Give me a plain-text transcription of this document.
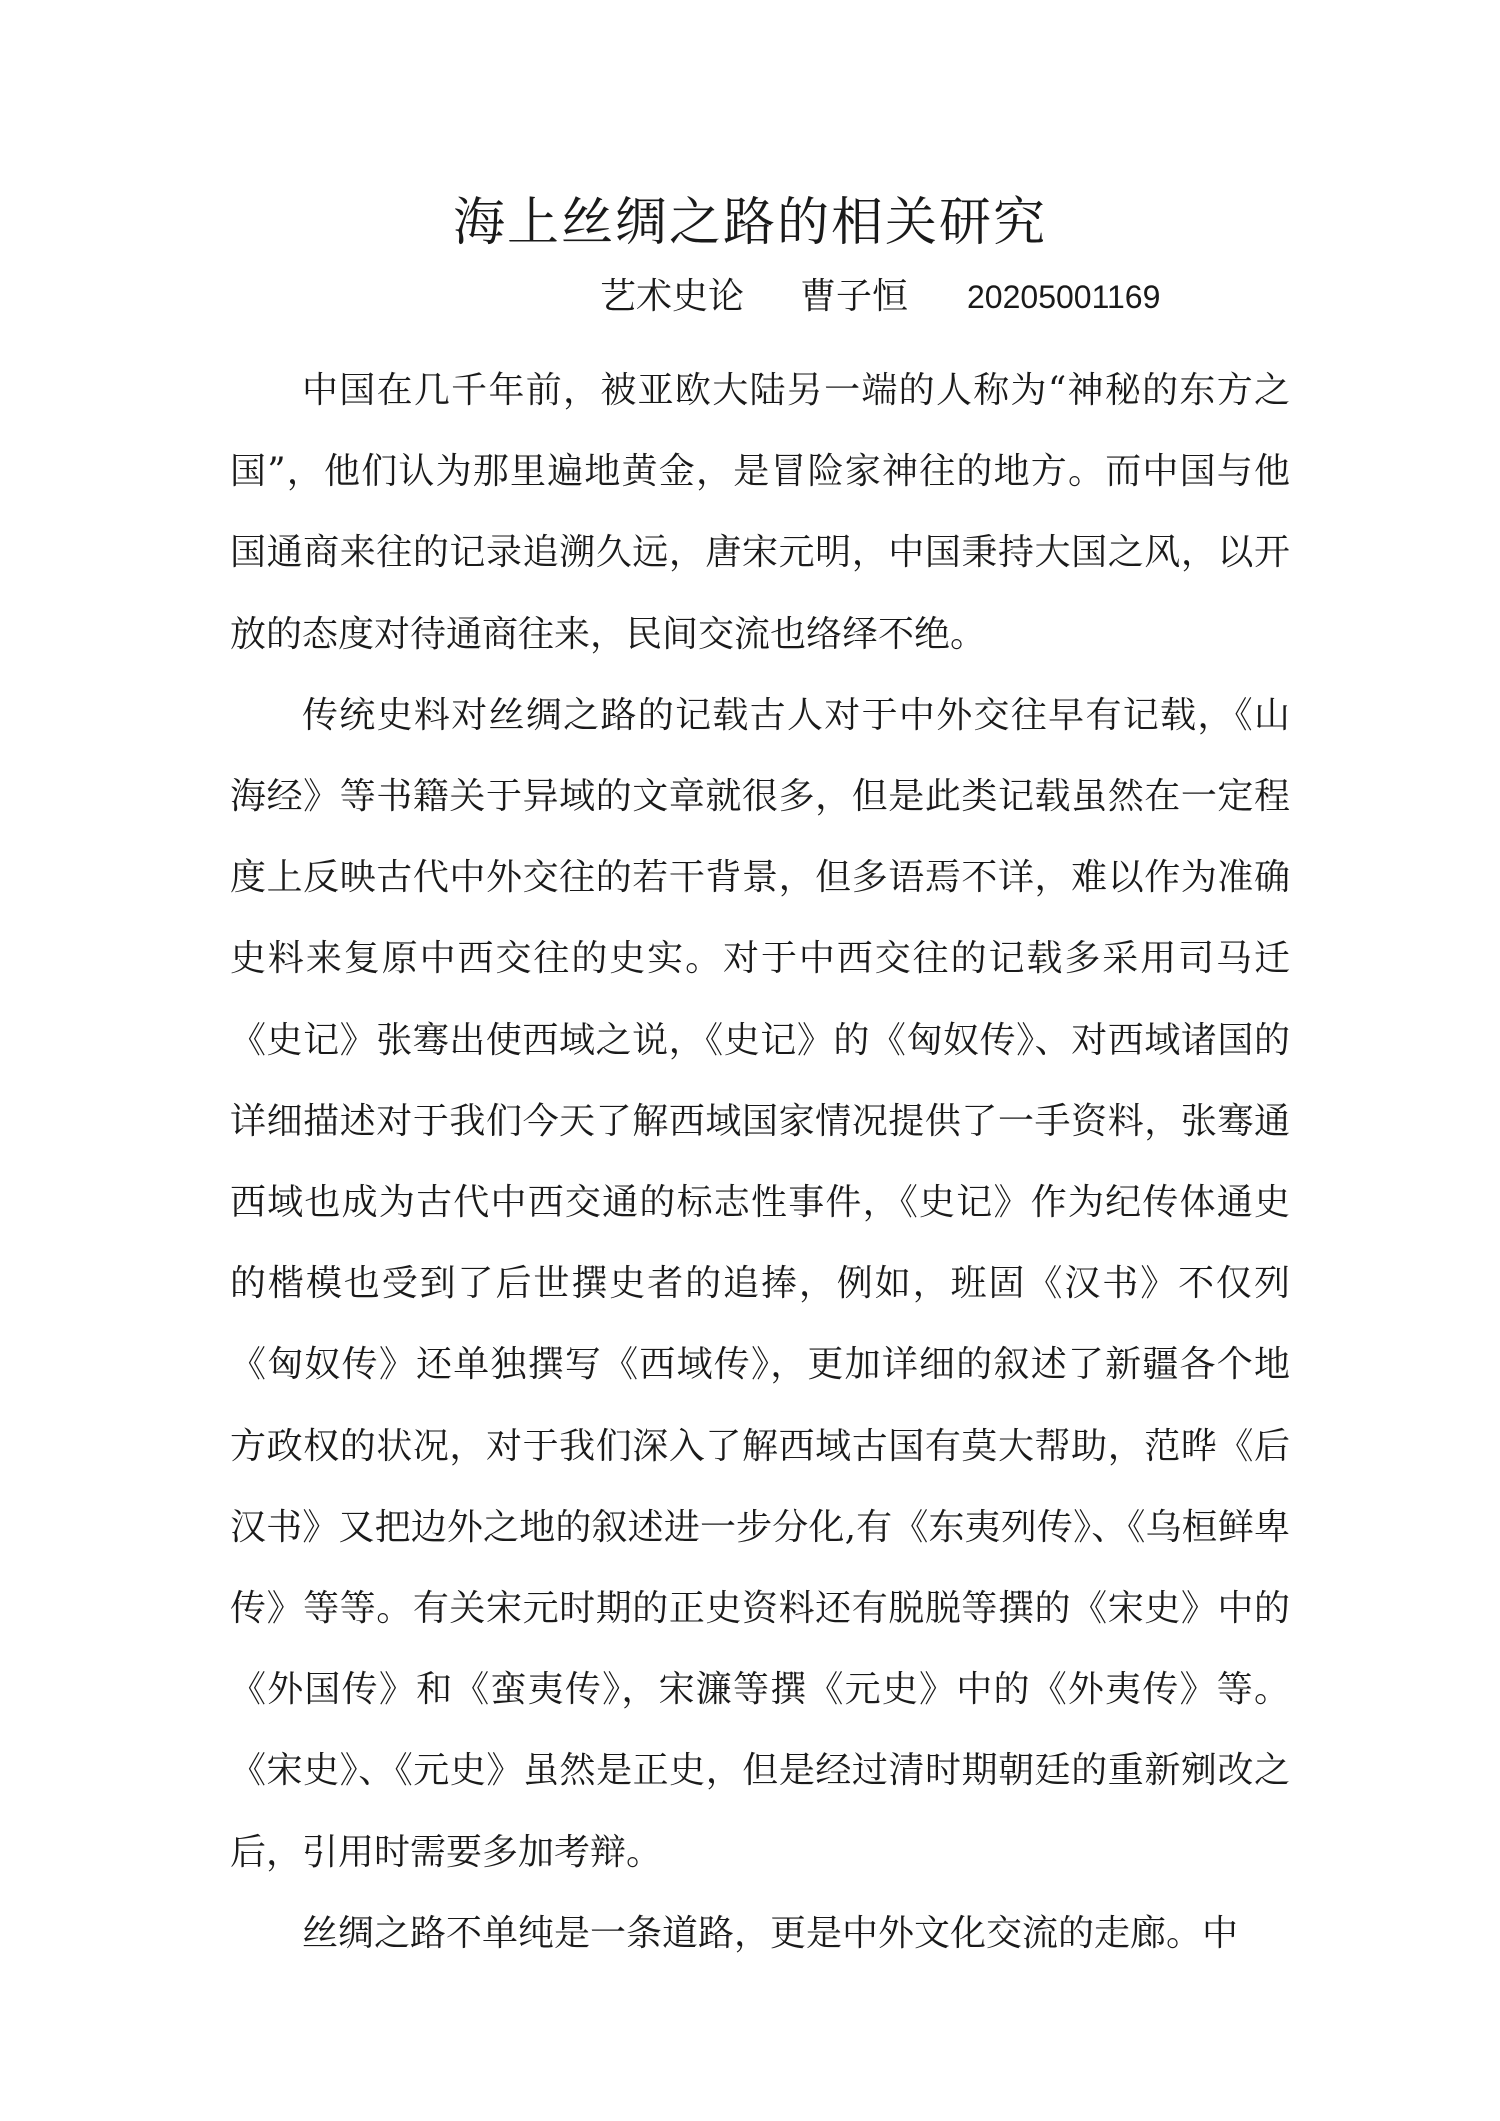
海上丝绸之路的相关研究
艺术史论 曹子恒 20205001169

中国在几千年前，被亚欧大陆另一端的人称为“神秘的东方之国”，他们认为那里遍地黄金，是冒险家神往的地方。而中国与他国通商来往的记录追溯久远，唐宋元明，中国秉持大国之风，以开放的态度对待通商往来，民间交流也络绎不绝。

传统史料对丝绸之路的记载古人对于中外交往早有记载，《山海经》等书籍关于异域的文章就很多，但是此类记载虽然在一定程度上反映古代中外交往的若干背景，但多语焉不详，难以作为准确史料来复原中西交往的史实。对于中西交往的记载多采用司马迁《史记》张骞出使西域之说，《史记》的《匈奴传》、对西域诸国的详细描述对于我们今天了解西域国家情况提供了一手资料，张骞通西域也成为古代中西交通的标志性事件，《史记》作为纪传体通史的楷模也受到了后世撰史者的追捧，例如，班固《汉书》不仅列《匈奴传》还单独撰写《西域传》，更加详细的叙述了新疆各个地方政权的状况，对于我们深入了解西域古国有莫大帮助，范晔《后汉书》又把边外之地的叙述进一步分化,有《东夷列传》、《乌桓鲜卑传》等等。有关宋元时期的正史资料还有脱脱等撰的《宋史》中的《外国传》和《蛮夷传》，宋濂等撰《元史》中的《外夷传》等。《宋史》、《元史》虽然是正史，但是经过清时期朝廷的重新剜改之后，引用时需要多加考辩。

丝绸之路不单纯是一条道路，更是中外文化交流的走廊。中
